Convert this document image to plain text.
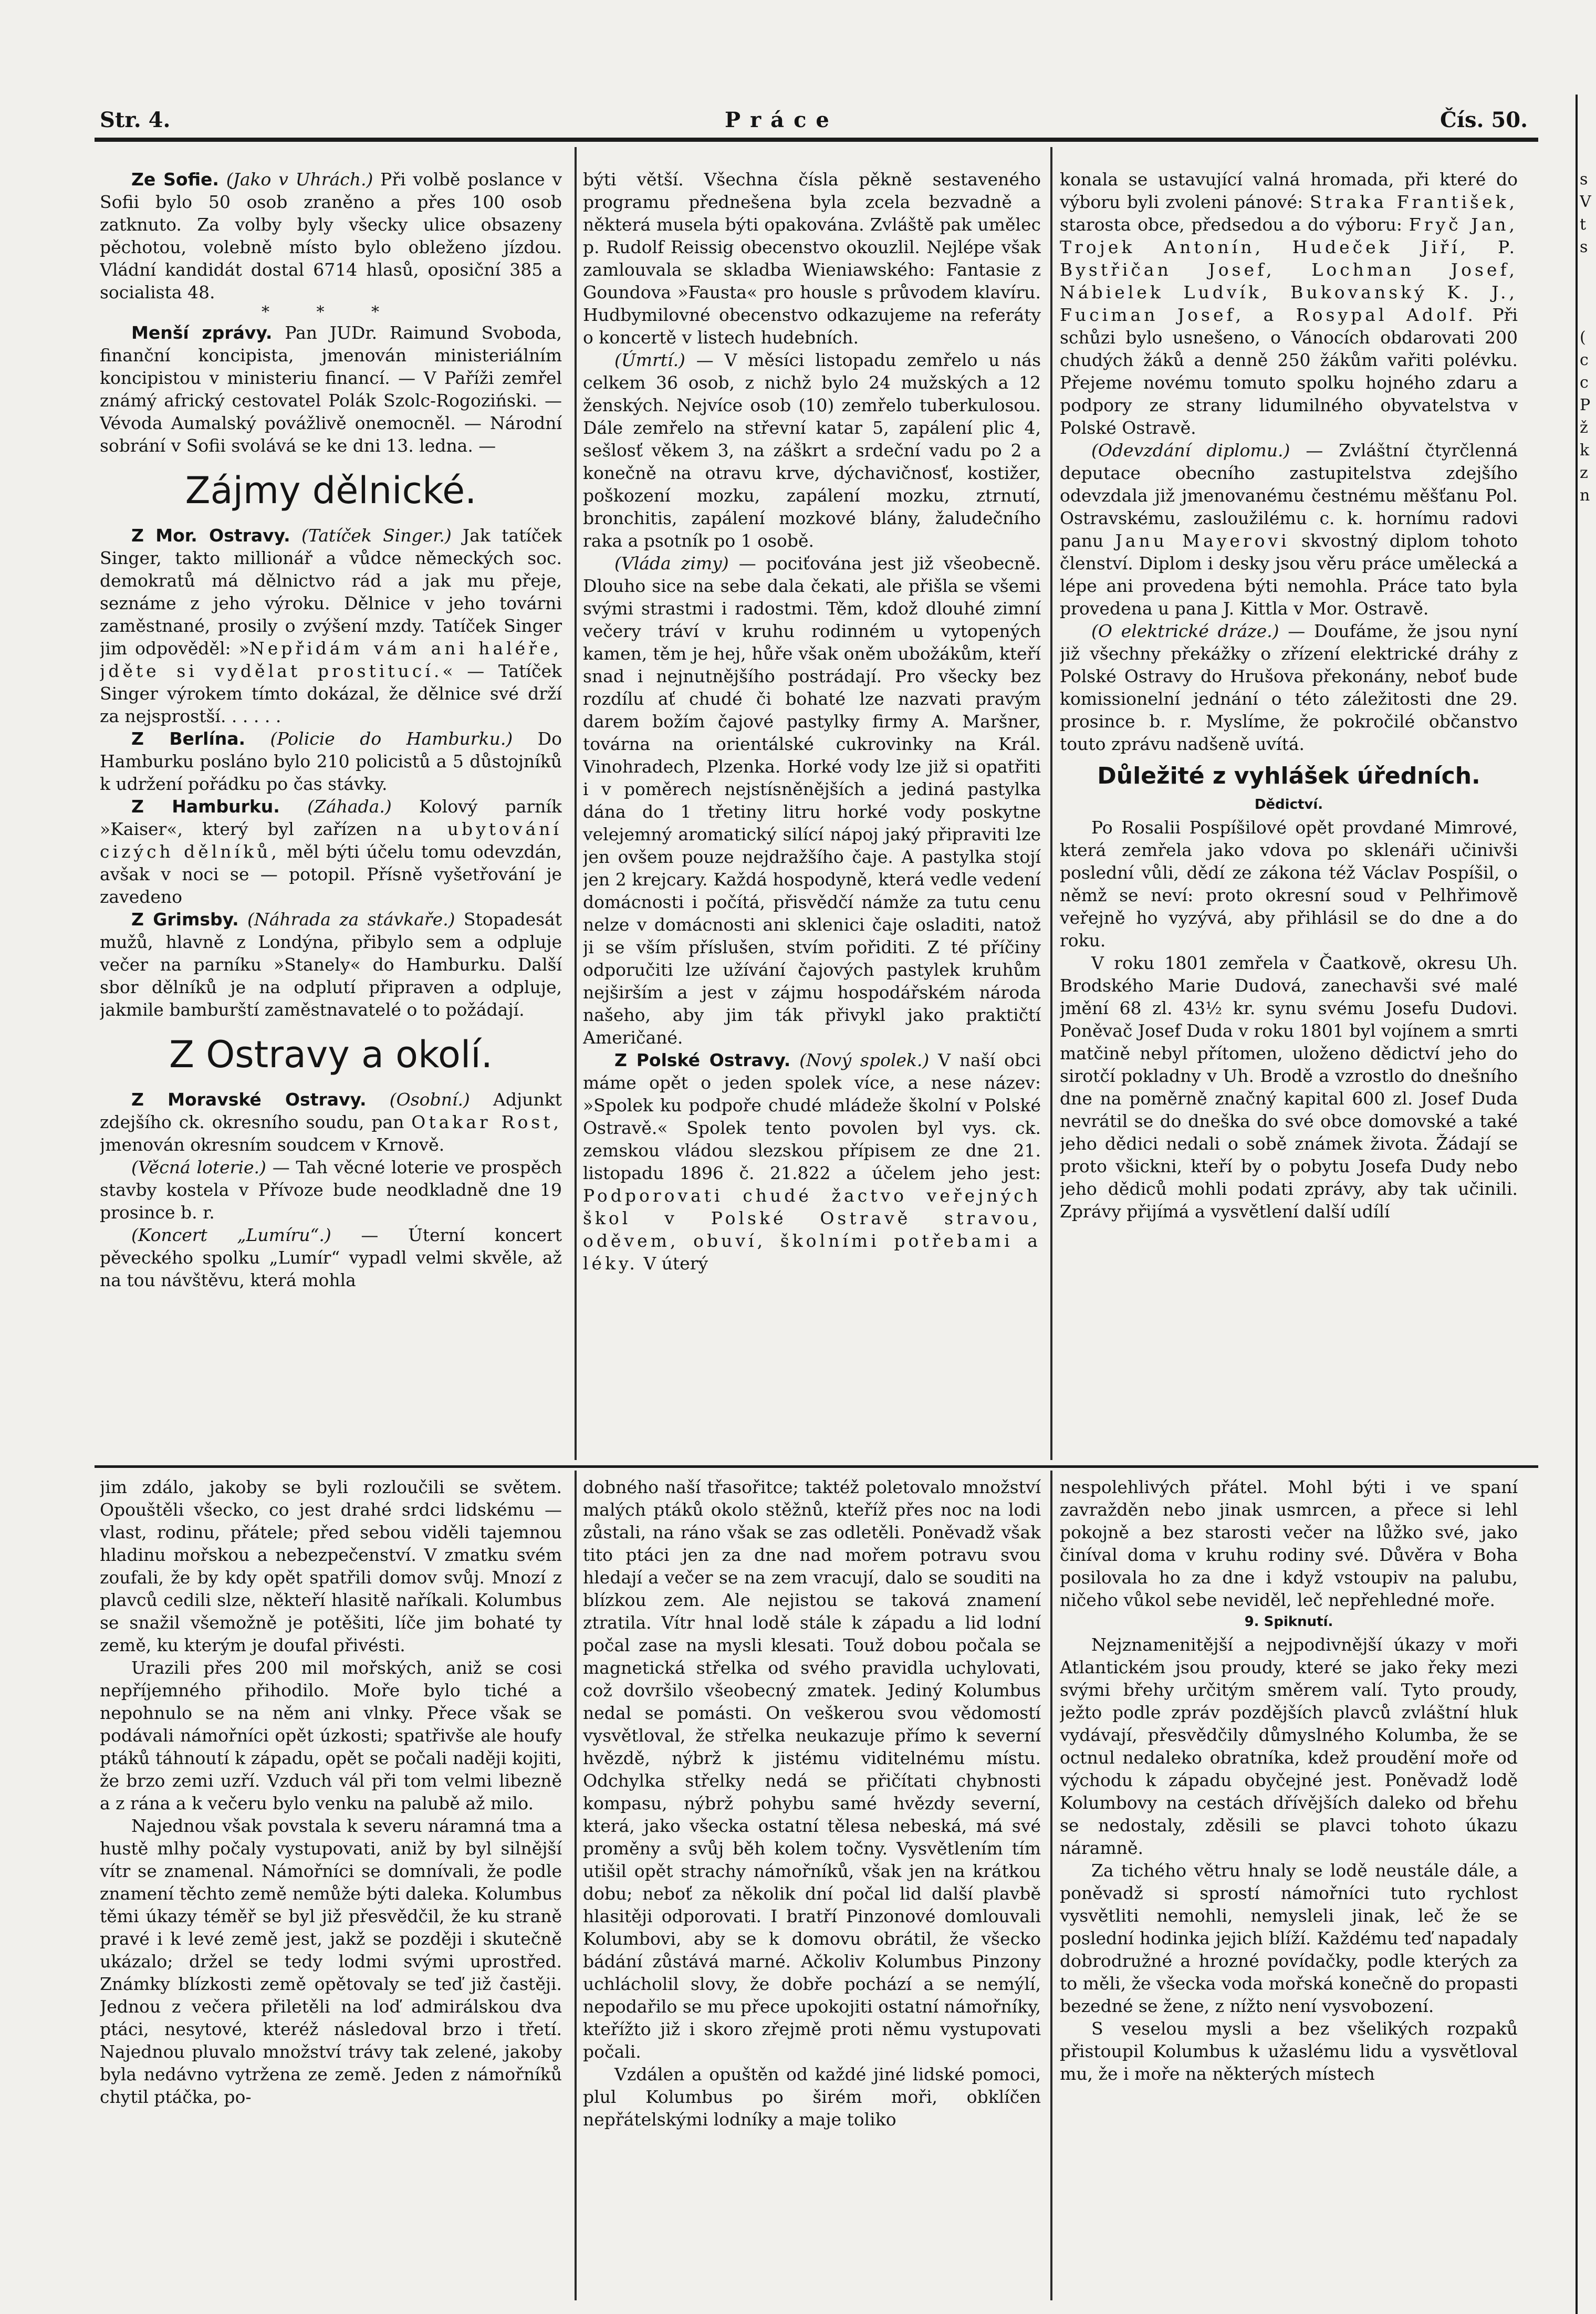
Str. 4.	Práce	Čís. 50.

Ze Sofie. (Jako v Uhrách.) Při volbě poslance v Sofii bylo 50 osob zraněno a přes 100 osob zatknuto. Za volby byly všecky ulice obsazeny pěchotou, volebně místo bylo obleženo jízdou. Vládní kandidát dostal 6714 hlasů, oposiční 385 a socialista 48.

* * *

Menší zprávy. Pan JUDr. Raimund Svoboda, finanční koncipista, jmenován ministeriálním koncipistou v ministeriu financí. — V Paříži zemřel známý africký cestovatel Polák Szolc-Rogoziński. — Vévoda Aumalský povážlivě onemocněl. — Národní sobrání v Sofii svolává se ke dni 13. ledna. —

Zájmy dělnické.

Z Mor. Ostravy. (Tatíček Singer.) Jak tatíček Singer, takto millionář a vůdce německých soc. demokratů má dělnictvo rád a jak mu přeje, seznáme z jeho výroku. Dělnice v jeho továrni zaměstnané, prosily o zvýšení mzdy. Tatíček Singer jim odpověděl: »Nepřidám vám ani haléře, jděte si vydělat prostitucí.« — Tatíček Singer výrokem tímto dokázal, že dělnice své drží za nejsprostší. . . . . .

Z Berlína. (Policie do Hamburku.) Do Hamburku posláno bylo 210 policistů a 5 důstojníků k udržení pořádku po čas stávky.

Z Hamburku. (Záhada.) Kolový parník »Kaiser«, který byl zařízen na ubytování cizých dělníků, měl býti účelu tomu odevzdán, avšak v noci se — potopil. Přísně vyšetřování je zavedeno

Z Grimsby. (Náhrada za stávkaře.) Stopadesát mužů, hlavně z Londýna, přibylo sem a odpluje večer na parníku »Stanely« do Hamburku. Další sbor dělníků je na odplutí připraven a odpluje, jakmile bamburští zaměstnavatelé o to požádají.

Z Ostravy a okolí.

Z Moravské Ostravy. (Osobní.) Adjunkt zdejšího ck. okresního soudu, pan Otakar Rost, jmenován okresním soudcem v Krnově.

(Věcná loterie.) — Tah věcné loterie ve prospěch stavby kostela v Přívoze bude neodkladně dne 19 prosince b. r.

(Koncert „Lumíru“.) — Úterní koncert pěveckého spolku „Lumír“ vypadl velmi skvěle, až na tou návštěvu, která mohla

býti větší. Všechna čísla pěkně sestaveného programu přednešena byla zcela bezvadně a některá musela býti opakována. Zvláště pak umělec p. Rudolf Reissig obecenstvo okouzlil. Nejlépe však zamlouvala se skladba Wieniawského: Fantasie z Goundova »Fausta« pro housle s průvodem klavíru. Hudbymilovné obecenstvo odkazujeme na referáty o koncertě v listech hudebních.

(Úmrtí.) — V měsíci listopadu zemřelo u nás celkem 36 osob, z nichž bylo 24 mužských a 12 ženských. Nejvíce osob (10) zemřelo tuberkulosou. Dále zemřelo na střevní katar 5, zapálení plic 4, sešlosť věkem 3, na záškrt a srdeční vadu po 2 a konečně na otravu krve, dýchavičnosť, kostižer, poškození mozku, zapálení mozku, ztrnutí, bronchitis, zapálení mozkové blány, žaludečního raka a psotník po 1 osobě.

(Vláda zimy) — pociťována jest již všeobecně. Dlouho sice na sebe dala čekati, ale přišla se všemi svými strastmi i radostmi. Těm, kdož dlouhé zimní večery tráví v kruhu rodinném u vytopených kamen, těm je hej, hůře však oněm ubožákům, kteří snad i nejnutnějšího postrádají. Pro všecky bez rozdílu ať chudé či bohaté lze nazvati pravým darem božím čajové pastylky firmy A. Maršner, továrna na orientálské cukrovinky na Král. Vinohradech, Plzenka. Horké vody lze již si opatřiti i v poměrech nejstísněnějších a jediná pastylka dána do 1 třetiny litru horké vody poskytne velejemný aromatický silící nápoj jaký připraviti lze jen ovšem pouze nejdražšího čaje. A pastylka stojí jen 2 krejcary. Každá hospodyně, která vedle vedení domácnosti i počítá, přisvědčí námže za tutu cenu nelze v domácnosti ani sklenici čaje osladiti, natož ji se vším příslušen, stvím pořiditi. Z té příčiny odporučiti lze užívání čajových pastylek kruhům nejširším a jest v zájmu hospodářském národa našeho, aby jim ták přivykl jako praktičtí Američané.

Z Polské Ostravy. (Nový spolek.) V naší obci máme opět o jeden spolek více, a nese název: »Spolek ku podpoře chudé mládeže školní v Polské Ostravě.« Spolek tento povolen byl vys. ck. zemskou vládou slezskou přípisem ze dne 21. listopadu 1896 č. 21.822 a účelem jeho jest: Podporovati chudé žactvo veřejných škol v Polské Ostravě stravou, oděvem, obuví, školními potřebami a léky. V úterý

konala se ustavující valná hromada, při které do výboru byli zvoleni pánové: Straka František, starosta obce, předsedou a do výboru: Fryč Jan, Trojek Antonín, Hudeček Jiří, P. Bystřičan Josef, Lochman Josef, Nábielek Ludvík, Bukovanský K. J., Fuciman Josef, a Rosypal Adolf. Při schůzi bylo usnešeno, o Vánocích obdarovati 200 chudých žáků a denně 250 žákům vařiti polévku. Přejeme novému tomuto spolku hojného zdaru a podpory ze strany lidumilného obyvatelstva v Polské Ostravě.

(Odevzdání diplomu.) — Zvláštní čtyrčlenná deputace obecního zastupitelstva zdejšího odevzdala již jmenovanému čestnému měšťanu Pol. Ostravskému, zasloužilému c. k. hornímu radovi panu Janu Mayerovi skvostný diplom tohoto členství. Diplom i desky jsou věru práce umělecká a lépe ani provedena býti nemohla. Práce tato byla provedena u pana J. Kittla v Mor. Ostravě.

(O elektrické dráze.) — Doufáme, že jsou nyní již všechny překážky o zřízení elektrické dráhy z Polské Ostravy do Hrušova překonány, neboť bude komissionelní jednání o této záležitosti dne 29. prosince b. r. Myslíme, že pokročilé občanstvo touto zprávu nadšeně uvítá.

Důležité z vyhlášek úředních.
Dědictví.

Po Rosalii Pospíšilové opět provdané Mimrové, která zemřela jako vdova po sklenáři učinivši poslední vůli, dědí ze zákona též Václav Pospíšil, o němž se neví: proto okresní soud v Pelhřimově veřejně ho vyzývá, aby přihlásil se do dne a do roku.

V roku 1801 zemřela v Čaatkově, okresu Uh. Brodského Marie Dudová, zanechavši své malé jmění 68 zl. 43½ kr. synu svému Josefu Dudovi. Poněvač Josef Duda v roku 1801 byl vojínem a smrti matčině nebyl přítomen, uloženo dědictví jeho do sirotčí pokladny v Uh. Brodě a vzrostlo do dnešního dne na poměrně značný kapital 600 zl. Josef Duda nevrátil se do dneška do své obce domovské a také jeho dědici nedali o sobě známek života. Žádají se proto všickni, kteří by o pobytu Josefa Dudy nebo jeho dědiců mohli podati zprávy, aby tak učinili. Zprávy přijímá a vysvětlení další udílí

jim zdálo, jakoby se byli rozloučili se světem. Opouštěli všecko, co jest drahé srdci lidskému — vlast, rodinu, přátele; před sebou viděli tajemnou hladinu mořskou a nebezpečenství. V zmatku svém zoufali, že by kdy opět spatřili domov svůj. Mnozí z plavců cedili slze, někteří hlasitě naříkali. Kolumbus se snažil všemožně je potěšiti, líče jim bohaté ty země, ku kterým je doufal přivésti.

Urazili přes 200 mil mořských, aniž se cosi nepříjemného přihodilo. Moře bylo tiché a nepohnulo se na něm ani vlnky. Přece však se podávali námořníci opět úzkosti; spatřivše ale houfy ptáků táhnoutí k západu, opět se počali naději kojiti, že brzo zemi uzří. Vzduch vál při tom velmi libezně a z rána a k večeru bylo venku na palubě až milo.

Najednou však povstala k severu náramná tma a hustě mlhy počaly vystupovati, aniž by byl silnější vítr se znamenal. Námořníci se domnívali, že podle znamení těchto země nemůže býti daleka. Kolumbus těmi úkazy téměř se byl již přesvědčil, že ku straně pravé i k levé země jest, jakž se později i skutečně ukázalo; držel se tedy lodmi svými uprostřed. Známky blízkosti země opětovaly se teď již častěji. Jednou z večera přiletěli na loď admirálskou dva ptáci, nesytové, kteréž následoval brzo i třetí. Najednou pluvalo množství trávy tak zelené, jakoby byla nedávno vytržena ze země. Jeden z námořníků chytil ptáčka, po-

dobného naší třasořitce; taktéž poletovalo množství malých ptáků okolo stěžnů, kteříž přes noc na lodi zůstali, na ráno však se zas odletěli. Poněvadž však tito ptáci jen za dne nad mořem potravu svou hledají a večer se na zem vracují, dalo se souditi na blízkou zem. Ale nejistou se taková znamení ztratila. Vítr hnal lodě stále k západu a lid lodní počal zase na mysli klesati. Touž dobou počala se magnetická střelka od svého pravidla uchylovati, což dovršilo všeobecný zmatek. Jediný Kolumbus nedal se pomásti. On veškerou svou vědomostí vysvětloval, že střelka neukazuje přímo k severní hvězdě, nýbrž k jistému viditelnému místu. Odchylka střelky nedá se přičítati chybnosti kompasu, nýbrž pohybu samé hvězdy severní, která, jako všecka ostatní tělesa nebeská, má své proměny a svůj běh kolem točny. Vysvětlením tím utišil opět strachy námořníků, však jen na krátkou dobu; neboť za několik dní počal lid další plavbě hlasitěji odporovati. I bratří Pinzonové domlouvali Kolumbovi, aby se k domovu obrátil, že všecko bádání zůstává marné. Ačkoliv Kolumbus Pinzony uchlácholil slovy, že dobře pochází a se nemýlí, nepodařilo se mu přece upokojiti ostatní námořníky, kteřížto již i skoro zřejmě proti němu vystupovati počali.

Vzdálen a opuštěn od každé jiné lidské pomoci, plul Kolumbus po širém moři, obklíčen nepřátelskými lodníky a maje toliko

nespolehlivých přátel. Mohl býti i ve spaní zavražděn nebo jinak usmrcen, a přece si lehl pokojně a bez starosti večer na lůžko své, jako činíval doma v kruhu rodiny své. Důvěra v Boha posilovala ho za dne i když vstoupiv na palubu, ničeho vůkol sebe neviděl, leč nepřehledné moře.

9. Spiknutí.

Nejznamenitější a nejpodivnější úkazy v moři Atlantickém jsou proudy, které se jako řeky mezi svými břehy určitým směrem valí. Tyto proudy, ježto podle zpráv pozdějších plavců zvláštní hluk vydávají, přesvědčily důmyslného Kolumba, že se octnul nedaleko obratníka, kdež proudění moře od východu k západu obyčejné jest. Poněvadž lodě Kolumbovy na cestách dřívějších daleko od břehu se nedostaly, zděsili se plavci tohoto úkazu náramně.

Za tichého větru hnaly se lodě neustále dále, a poněvadž si sprostí námořníci tuto rychlost vysvětliti nemohli, nemysleli jinak, leč že se poslední hodinka jejich blíží. Každému teď napadaly dobrodružné a hrozné povídačky, podle kterých za to měli, že všecka voda mořská konečně do propasti bezedné se žene, z nížto není vysvobození.

S veselou mysli a bez všelikých rozpaků přistoupil Kolumbus k užaslému lidu a vysvětloval mu, že i moře na některých místech

s
V
t
s

(
c
c
P
ž
k
z
n
